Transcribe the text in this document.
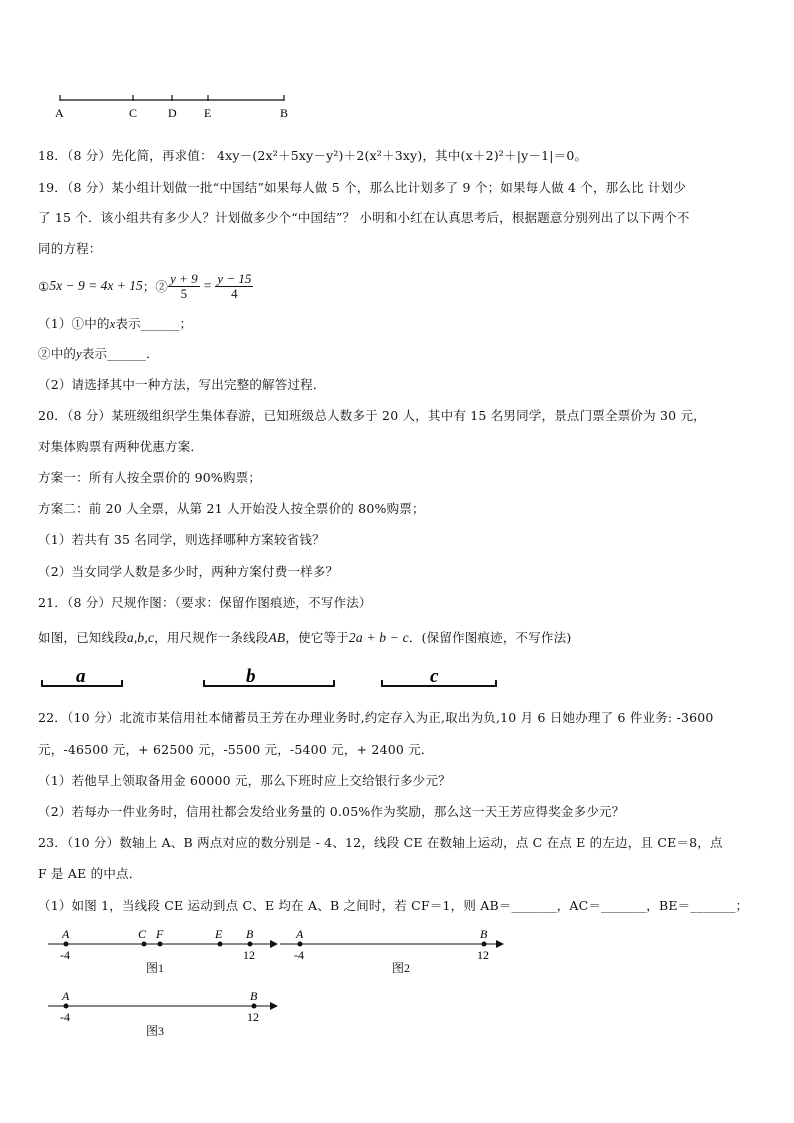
A	C	D E	B
18．（8 分）先化简，再求值： 4xy－(2x²＋5xy－y²)＋2(x²＋3xy)，其中(x＋2)²＋|y－1|＝0。
19．（8 分）某小组计划做一批“中国结”如果每人做 5 个，那么比计划多了 9 个；如果每人做 4 个，那么比 计划少
了 15 个．该小组共有多少人？计划做多少个“中国结”？ 小明和小红在认真思考后，根据题意分别列出了以下两个不
同的方程：
① 5x − 9 = 4x + 15 ；② $\frac{y + 9}{5} = \frac{y - 15}{4}$
（1）①中的x表示______；
②中的y表示______．
（2）请选择其中一种方法，写出完整的解答过程．
20．（8 分）某班级组织学生集体春游，已知班级总人数多于 20 人，其中有 15 名男同学，景点门票全票价为 30 元，
对集体购票有两种优惠方案．
方案一：所有人按全票价的 90%购票；
方案二：前 20 人全票，从第 21 人开始没人按全票价的 80%购票；
（1）若共有 35 名同学，则选择哪种方案较省钱？
（2）当女同学人数是多少时，两种方案付费一样多？
21．（8 分）尺规作图：（要求：保留作图痕迹，不写作法）
如图，已知线段a,b,c，用尺规作一条线段AB，使它等于2a + b − c．(保留作图痕迹，不写作法)
a	b	c
22．（10 分）北流市某信用社本储蓄员王芳在办理业务时,约定存入为正,取出为负,10 月 6 日她办理了 6 件业务: -3600
元，-46500 元，+ 62500 元，-5500 元，-5400 元，+ 2400 元．
（1）若他早上领取备用金 60000 元，那么下班时应上交给银行多少元？
（2）若每办一件业务时，信用社都会发给业务量的 0.05%作为奖励，那么这一天王芳应得奖金多少元？
23．（10 分）数轴上 A、B 两点对应的数分别是 - 4、12，线段 CE 在数轴上运动，点 C 在点 E 的左边，且 CE＝8，点
F 是 AE 的中点．
（1）如图 1，当线段 CE 运动到点 C、E 均在 A、B 之间时，若 CF＝1，则 AB＝_______，AC＝_______，BE＝_______；
A	C F	E B
-4	12
图1
A	B
-4	12
图2
A	B
-4	12
图3
